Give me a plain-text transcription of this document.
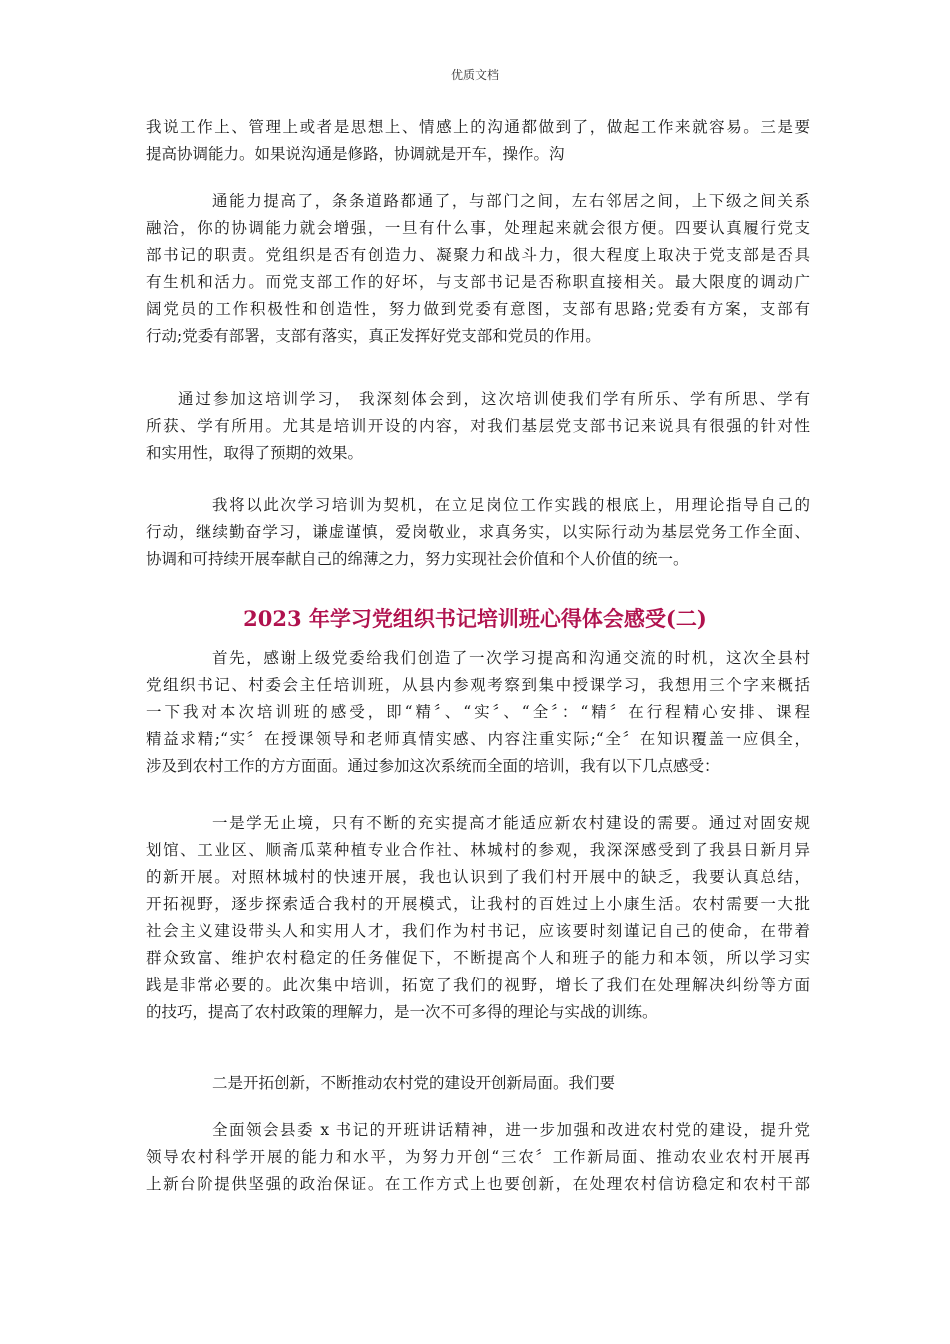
优质文档
我说工作上、管理上或者是思想上、情感上的沟通都做到了，做起工作来就容易。三是要
提高协调能力。如果说沟通是修路，协调就是开车，操作。沟
通能力提高了，条条道路都通了，与部门之间，左右邻居之间，上下级之间关系
融洽，你的协调能力就会增强，一旦有什么事，处理起来就会很方便。四要认真履行党支
部书记的职责。党组织是否有创造力、凝聚力和战斗力，很大程度上取决于党支部是否具
有生机和活力。而党支部工作的好坏，与支部书记是否称职直接相关。最大限度的调动广
阔党员的工作积极性和创造性，努力做到党委有意图，支部有思路;党委有方案，支部有
行动;党委有部署，支部有落实，真正发挥好党支部和党员的作用。
通过参加这培训学习， 我深刻体会到，这次培训使我们学有所乐、学有所思、学有
所获、学有所用。尤其是培训开设的内容，对我们基层党支部书记来说具有很强的针对性
和实用性，取得了预期的效果。
我将以此次学习培训为契机，在立足岗位工作实践的根底上，用理论指导自己的
行动，继续勤奋学习，谦虚谨慎，爱岗敬业，求真务实，以实际行动为基层党务工作全面、
协调和可持续开展奉献自己的绵薄之力，努力实现社会价值和个人价值的统一。
2023 年学习党组织书记培训班心得体会感受(二)
首先，感谢上级党委给我们创造了一次学习提高和沟通交流的时机，这次全县村
党组织书记、村委会主任培训班，从县内参观考察到集中授课学习，我想用三个字来概括
一下我对本次培训班的感受，即“精〞、“实〞、“全〞：“精〞在行程精心安排、课程
精益求精;“实〞在授课领导和老师真情实感、内容注重实际;“全〞在知识覆盖一应俱全，
涉及到农村工作的方方面面。通过参加这次系统而全面的培训，我有以下几点感受：
一是学无止境，只有不断的充实提高才能适应新农村建设的需要。通过对固安规
划馆、工业区、顺斋瓜菜种植专业合作社、林城村的参观，我深深感受到了我县日新月异
的新开展。对照林城村的快速开展，我也认识到了我们村开展中的缺乏，我要认真总结，
开拓视野，逐步探索适合我村的开展模式，让我村的百姓过上小康生活。农村需要一大批
社会主义建设带头人和实用人才，我们作为村书记，应该要时刻谨记自己的使命，在带着
群众致富、维护农村稳定的任务催促下，不断提高个人和班子的能力和本领，所以学习实
践是非常必要的。此次集中培训，拓宽了我们的视野，增长了我们在处理解决纠纷等方面
的技巧，提高了农村政策的理解力，是一次不可多得的理论与实战的训练。
二是开拓创新，不断推动农村党的建设开创新局面。我们要
全面领会县委 x 书记的开班讲话精神，进一步加强和改进农村党的建设，提升党
领导农村科学开展的能力和水平，为努力开创“三农〞工作新局面、推动农业农村开展再
上新台阶提供坚强的政治保证。在工作方式上也要创新，在处理农村信访稳定和农村干部
